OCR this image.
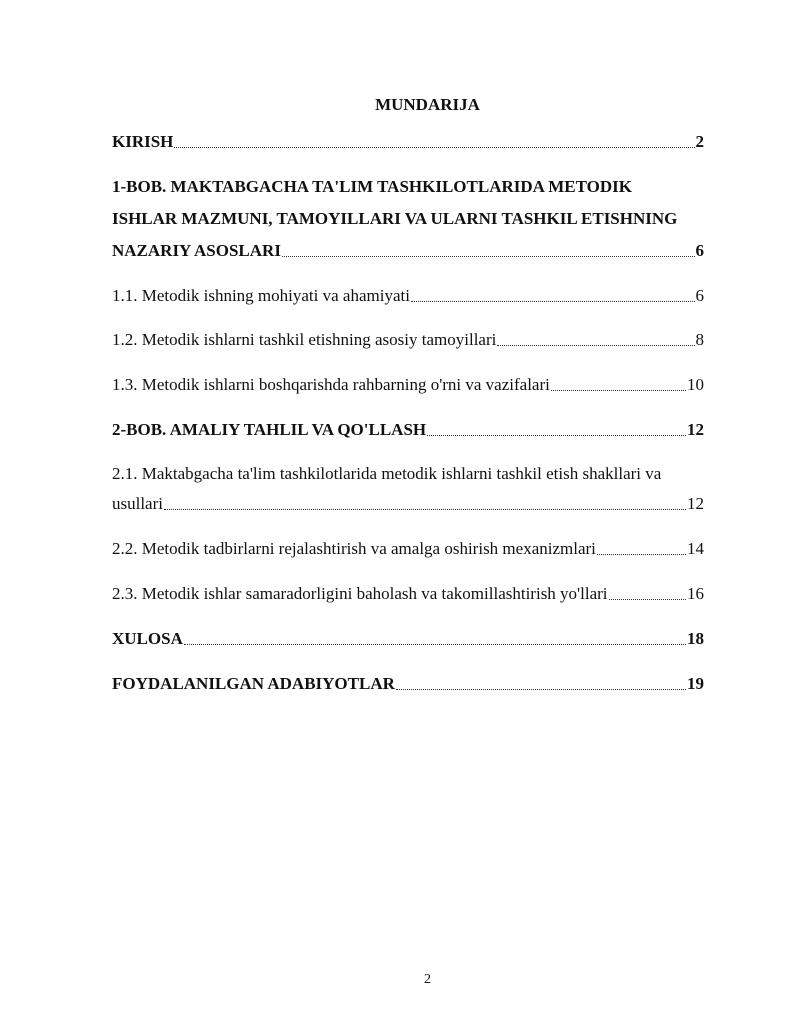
MUNDARIJA
KIRISH	2
1-BOB. MAKTABGACHA TA'LIM TASHKILOTLARIDA METODIK
ISHLAR MAZMUNI, TAMOYILLARI VA ULARNI TASHKIL ETISHNING
NAZARIY ASOSLARI	6
1.1. Metodik ishning mohiyati va ahamiyati	6
1.2. Metodik ishlarni tashkil etishning asosiy tamoyillari	8
1.3. Metodik ishlarni boshqarishda rahbarning o'rni va vazifalari	10
2-BOB. AMALIY TAHLIL VA QO'LLASH	12
2.1. Maktabgacha ta'lim tashkilotlarida metodik ishlarni tashkil etish shakllari va
usullari	12
2.2. Metodik tadbirlarni rejalashtirish va amalga oshirish mexanizmlari	14
2.3. Metodik ishlar samaradorligini baholash va takomillashtirish yo'llari	16
XULOSA	18
FOYDALANILGAN ADABIYOTLAR	19
2
